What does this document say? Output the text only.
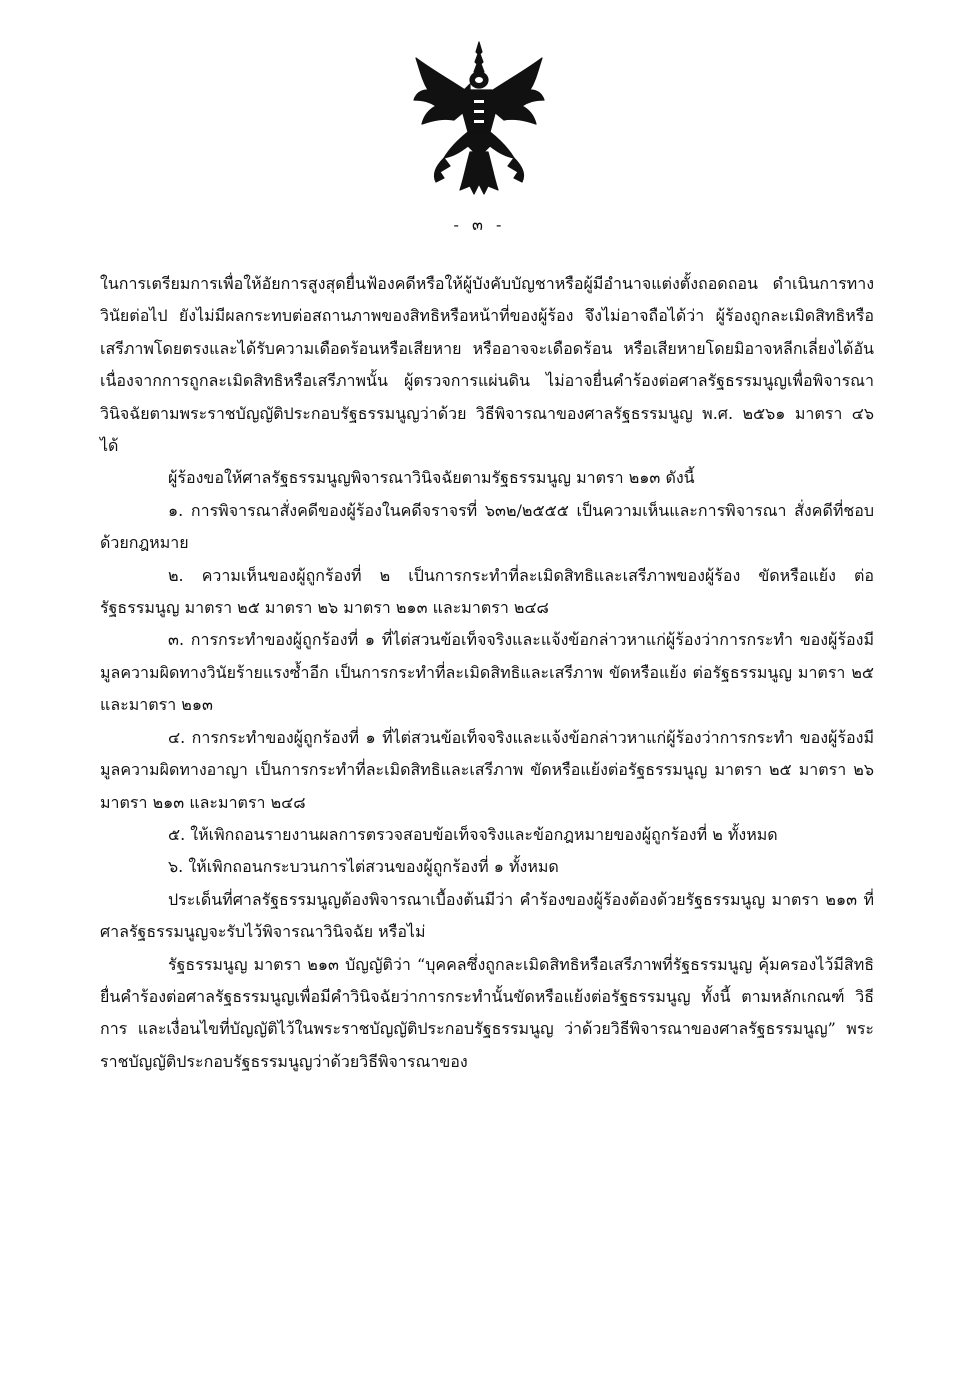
- ๓ -

ในการเตรียมการเพื่อให้อัยการสูงสุดยื่นฟ้องคดีหรือให้ผู้บังคับบัญชาหรือผู้มีอำนาจแต่งตั้งถอดถอน ดำเนินการทางวินัยต่อไป ยังไม่มีผลกระทบต่อสถานภาพของสิทธิหรือหน้าที่ของผู้ร้อง จึงไม่อาจถือได้ว่า ผู้ร้องถูกละเมิดสิทธิหรือเสรีภาพโดยตรงและได้รับความเดือดร้อนหรือเสียหาย หรืออาจจะเดือดร้อน หรือเสียหายโดยมิอาจหลีกเลี่ยงได้อันเนื่องจากการถูกละเมิดสิทธิหรือเสรีภาพนั้น ผู้ตรวจการแผ่นดิน ไม่อาจยื่นคำร้องต่อศาลรัฐธรรมนูญเพื่อพิจารณาวินิจฉัยตามพระราชบัญญัติประกอบรัฐธรรมนูญว่าด้วย วิธีพิจารณาของศาลรัฐธรรมนูญ พ.ศ. ๒๕๖๑ มาตรา ๔๖ ได้

ผู้ร้องขอให้ศาลรัฐธรรมนูญพิจารณาวินิจฉัยตามรัฐธรรมนูญ มาตรา ๒๑๓ ดังนี้

๑. การพิจารณาสั่งคดีของผู้ร้องในคดีจราจรที่ ๖๓๒/๒๕๕๕ เป็นความเห็นและการพิจารณา สั่งคดีที่ชอบด้วยกฎหมาย

๒. ความเห็นของผู้ถูกร้องที่ ๒ เป็นการกระทำที่ละเมิดสิทธิและเสรีภาพของผู้ร้อง ขัดหรือแย้ง ต่อรัฐธรรมนูญ มาตรา ๒๕ มาตรา ๒๖ มาตรา ๒๑๓ และมาตรา ๒๔๘

๓. การกระทำของผู้ถูกร้องที่ ๑ ที่ไต่สวนข้อเท็จจริงและแจ้งข้อกล่าวหาแก่ผู้ร้องว่าการกระทำ ของผู้ร้องมีมูลความผิดทางวินัยร้ายแรงซ้ำอีก เป็นการกระทำที่ละเมิดสิทธิและเสรีภาพ ขัดหรือแย้ง ต่อรัฐธรรมนูญ มาตรา ๒๕ และมาตรา ๒๑๓

๔. การกระทำของผู้ถูกร้องที่ ๑ ที่ไต่สวนข้อเท็จจริงและแจ้งข้อกล่าวหาแก่ผู้ร้องว่าการกระทำ ของผู้ร้องมีมูลความผิดทางอาญา เป็นการกระทำที่ละเมิดสิทธิและเสรีภาพ ขัดหรือแย้งต่อรัฐธรรมนูญ มาตรา ๒๕ มาตรา ๒๖ มาตรา ๒๑๓ และมาตรา ๒๔๘

๕. ให้เพิกถอนรายงานผลการตรวจสอบข้อเท็จจริงและข้อกฎหมายของผู้ถูกร้องที่ ๒ ทั้งหมด

๖. ให้เพิกถอนกระบวนการไต่สวนของผู้ถูกร้องที่ ๑ ทั้งหมด

ประเด็นที่ศาลรัฐธรรมนูญต้องพิจารณาเบื้องต้นมีว่า คำร้องของผู้ร้องต้องด้วยรัฐธรรมนูญ มาตรา ๒๑๓ ที่ศาลรัฐธรรมนูญจะรับไว้พิจารณาวินิจฉัย หรือไม่

รัฐธรรมนูญ มาตรา ๒๑๓ บัญญัติว่า “บุคคลซึ่งถูกละเมิดสิทธิหรือเสรีภาพที่รัฐธรรมนูญ คุ้มครองไว้มีสิทธิยื่นคำร้องต่อศาลรัฐธรรมนูญเพื่อมีคำวินิจฉัยว่าการกระทำนั้นขัดหรือแย้งต่อรัฐธรรมนูญ ทั้งนี้ ตามหลักเกณฑ์ วิธีการ และเงื่อนไขที่บัญญัติไว้ในพระราชบัญญัติประกอบรัฐธรรมนูญ ว่าด้วยวิธีพิจารณาของศาลรัฐธรรมนูญ” พระราชบัญญัติประกอบรัฐธรรมนูญว่าด้วยวิธีพิจารณาของ
